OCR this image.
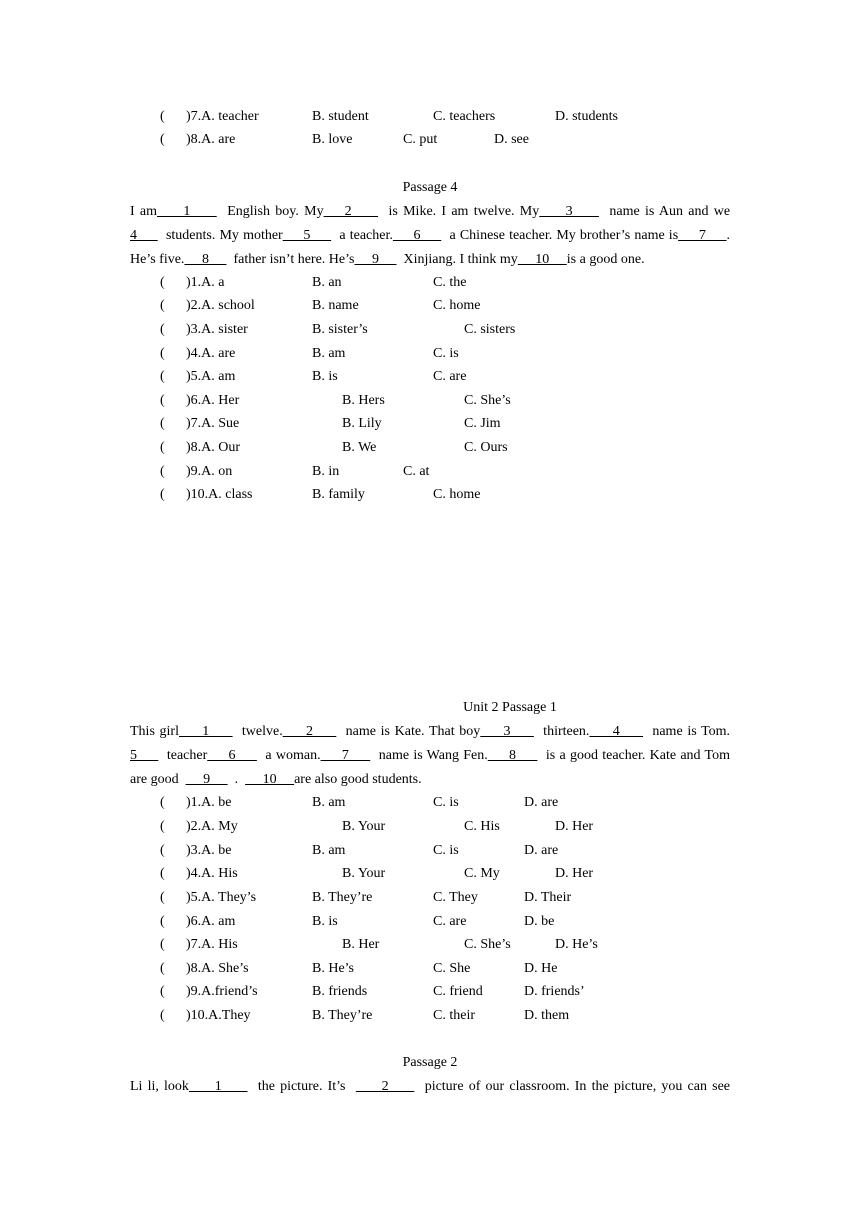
( )7.A. teacher	B. student	C. teachers	D. students
( )8.A. are	B. love	C. put	D. see
Passage 4
I am     1       English boy. My    2       is Mike. I am twelve. My     3       name is Aun and we
4       students. My mother     5       a teacher.     6       a Chinese teacher. My brother’s name is     7     .
He’s five.     8       father isn’t here. He’s     9       Xinjiang. I think my     10     is a good one.
( )1.A. a	B. an	C. the
( )2.A. school	B. name	C. home
( )3.A. sister	B. sister’s	C. sisters
( )4.A. are	B. am	C. is
( )5.A. am	B. is	C. are
( )6.A. Her	B. Hers	C. She’s
( )7.A. Sue	B. Lily	C. Jim
( )8.A. Our	B. We	C. Ours
( )9.A. on	B. in	C. at
( )10.A. class	B. family	C. home
Unit 2 Passage 1
This girl     1       twelve.     2       name is Kate. That boy     3       thirteen.     4       name is Tom.
5       teacher     6       a woman.     7       name is Wang Fen.     8       is a good teacher. Kate and Tom
are good       9       .       10     are also good students.
( )1.A. be	B. am	C. is	D. are
( )2.A. My	B. Your	C. His	D. Her
( )3.A. be	B. am	C. is	D. are
( )4.A. His	B. Your	C. My	D. Her
( )5.A. They’s	B. They’re	C. They	D. Their
( )6.A. am	B. is	C. are	D. be
( )7.A. His	B. Her	C. She’s	D. He’s
( )8.A. She’s	B. He’s	C. She	D. He
( )9.A.friend’s	B. friends	C. friend	D. friends’
( )10.A.They	B. They’re	C. their	D. them
Passage 2
Li li, look     1       the picture. It’s       2       picture of our classroom. In the picture, you can see
